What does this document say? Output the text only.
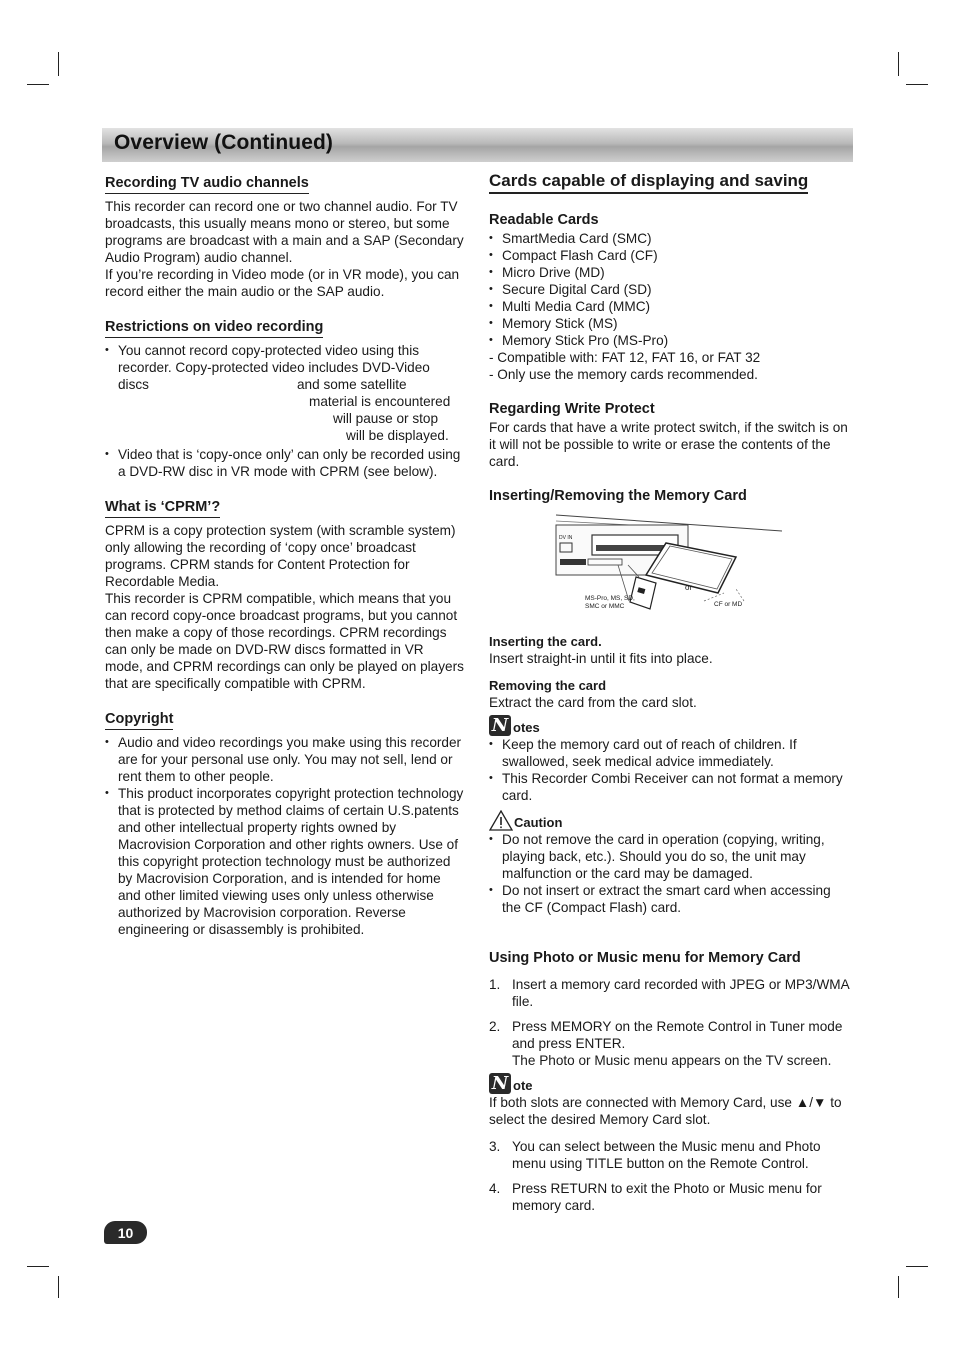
Overview (Continued)
Recording TV audio channels

This recorder can record one or two channel audio. For TV broadcasts, this usually means mono or stereo, but some programs are broadcast with a main and a SAP (Secondary Audio Program) audio channel.

If you’re recording in Video mode (or in VR mode), you can record either the main audio or the SAP audio.

Restrictions on video recording
• You cannot record copy-protected video using this
recorder. Copy-protected video includes DVD-Video
discs	and some satellite
material is encountered
will pause or stop
will be displayed.
• Video that is ‘copy-once only’ can only be recorded using a DVD-RW disc in VR mode with CPRM (see below).
What is ‘CPRM’?

CPRM is a copy protection system (with scramble system) only allowing the recording of ‘copy once’ broadcast programs. CPRM stands for Content Protection for Recordable Media.

This recorder is CPRM compatible, which means that you can record copy-once broadcast programs, but you cannot then make a copy of those recordings. CPRM recordings can only be made on DVD-RW discs formatted in VR mode, and CPRM recordings can only be played on players that are specifically compatible with CPRM.

Copyright
• Audio and video recordings you make using this recorder are for your personal use only. You may not sell, lend or rent them to other people.
• This product incorporates copyright protection technology that is protected by method claims of certain U.S.patents and other intellectual property rights owned by Macrovision Corporation and other rights owners. Use of this copyright protection technology must be authorized by Macrovision Corporation, and is intended for home and other limited viewing uses only unless otherwise authorized by Macrovision corporation. Reverse engineering or disassembly is prohibited.
Cards capable of displaying and saving
Readable Cards
• SmartMedia Card (SMC)
• Compact Flash Card (CF)
• Micro Drive (MD)
• Secure Digital Card (SD)
• Multi Media Card (MMC)
• Memory Stick (MS)
• Memory Stick Pro (MS-Pro)

- Compatible with: FAT 12, FAT 16, or FAT 32

- Only use the memory cards recommended.

Regarding Write Protect

For cards that have a write protect switch, if the switch is on it will not be possible to write or erase the contents of the card.

Inserting/Removing the Memory Card
DV IN
or
MS-Pro, MS, SD, SMC or MMC	CF or MD
Inserting the card.

Insert straight-in until it fits into place.

Removing the card

Extract the card from the card slot.

N otes
• Keep the memory card out of reach of children. If swallowed, seek medical advice immediately.
• This Recorder Combi Receiver can not format a memory card.
Caution
• Do not remove the card in operation (copying, writing, playing back, etc.). Should you do so, the unit may malfunction or the card may be damaged.
• Do not insert or extract the smart card when accessing the CF (Compact Flash) card.
Using Photo or Music menu for Memory Card
1. Insert a memory card recorded with JPEG or MP3/WMA file.
2. Press MEMORY on the Remote Control in Tuner mode and press ENTER.
The Photo or Music menu appears on the TV screen.
N ote

If both slots are connected with Memory Card, use ▲/▼ to select the desired Memory Card slot.

3. You can select between the Music menu and Photo menu using TITLE button on the Remote Control.
4. Press RETURN to exit the Photo or Music menu for memory card.
10
